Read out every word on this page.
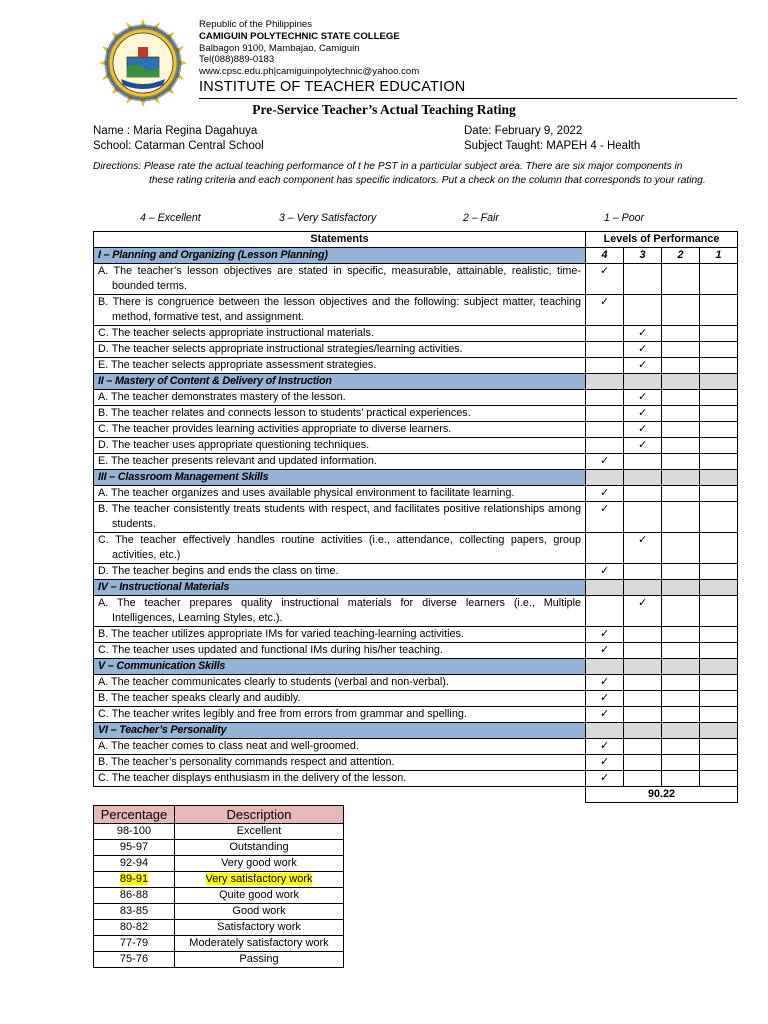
Republic of the Philippines
CAMIGUIN POLYTECHNIC STATE COLLEGE
Balbagon 9100, Mambajao, Camiguin
Tel(088)889-0183
www.cpsc.edu.ph|camiguinpolytechnic@yahoo.com
INSTITUTE OF TEACHER EDUCATION
Pre-Service Teacher’s Actual Teaching Rating
Name : Maria Regina Dagahuya	Date: February 9, 2022
School: Catarman Central School	Subject Taught: MAPEH 4 - Health
Directions: Please rate the actual teaching performance of t he PST in a particular subject area. There are six major components in
these rating criteria and each component has specific indicators. Put a check on the column that corresponds to your rating.
4 – Excellent	3 – Very Satisfactory	2 – Fair	1 – Poor
Statements	Levels of Performance			
I – Planning and Organizing (Lesson Planning)	4	3	2	1

A. The teacher’s lesson objectives are stated in specific, measurable, attainable, realistic, time-bounded terms.	✓			

B. There is congruence between the lesson objectives and the following: subject matter, teaching method, formative test, and assignment.	✓			

C. The teacher selects appropriate instructional materials.		✓		

D. The teacher selects appropriate instructional strategies/learning activities.		✓		

E. The teacher selects appropriate assessment strategies.		✓		
II – Mastery of Content & Delivery of Instruction				

A. The teacher demonstrates mastery of the lesson.		✓		

B. The teacher relates and connects lesson to students’ practical experiences.		✓		

C. The teacher provides learning activities appropriate to diverse learners.		✓		

D. The teacher uses appropriate questioning techniques.		✓		

E. The teacher presents relevant and updated information.	✓			
III – Classroom Management Skills				

A. The teacher organizes and uses available physical environment to facilitate learning.	✓			

B. The teacher consistently treats students with respect, and facilitates positive relationships among students.	✓			

C. The teacher effectively handles routine activities (i.e., attendance, collecting papers, group activities, etc.)		✓		

D. The teacher begins and ends the class on time.	✓			
IV – Instructional Materials				

A. The teacher prepares quality instructional materials for diverse learners (i.e., Multiple Intelligences, Learning Styles, etc.).		✓		

B. The teacher utilizes appropriate IMs for varied teaching-learning activities.	✓			

C. The teacher uses updated and functional IMs during his/her teaching.	✓			
V – Communication Skills				

A. The teacher communicates clearly to students (verbal and non-verbal).	✓			

B. The teacher speaks clearly and audibly.	✓			

C. The teacher writes legibly and free from errors from grammar and spelling.	✓			
VI – Teacher’s Personality				

A. The teacher comes to class neat and well-groomed.	✓			

B. The teacher’s personality commands respect and attention.	✓			

C. The teacher displays enthusiasm in the delivery of the lesson.	✓			
	90.22			
Percentage	Description
98-100	Excellent
95-97	Outstanding
92-94	Very good work
89-91	Very satisfactory work
86-88	Quite good work
83-85	Good work
80-82	Satisfactory work
77-79	Moderately satisfactory work
75-76	Passing
